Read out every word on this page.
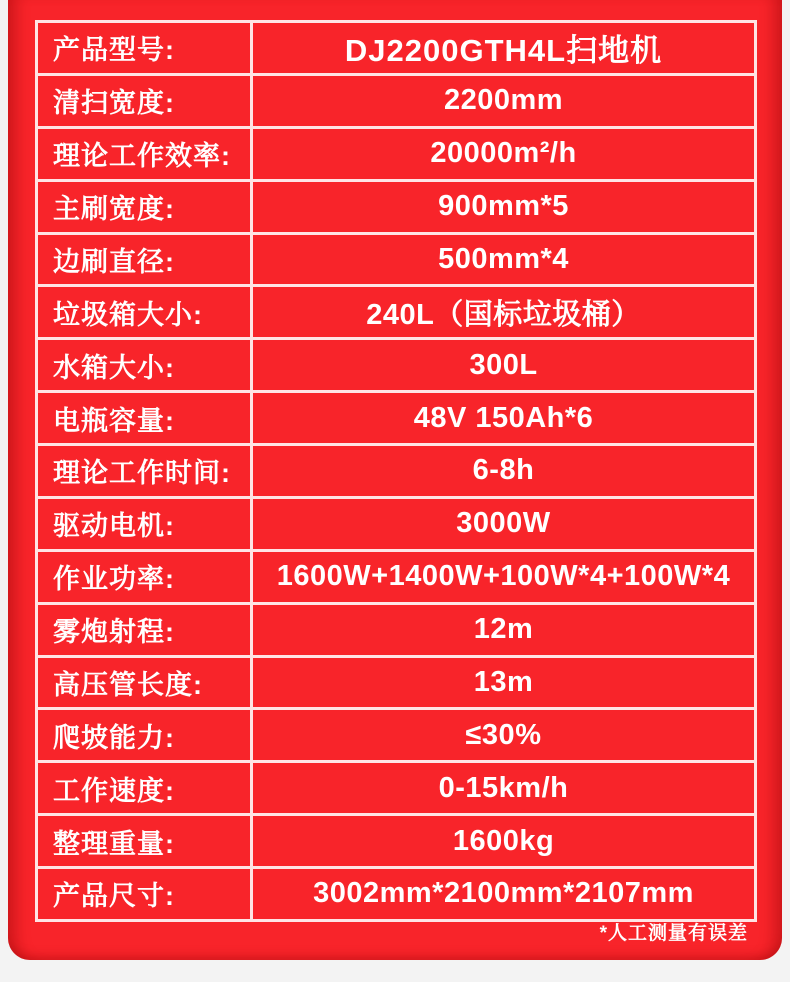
产品型号:	DJ2200GTH4L扫地机
清扫宽度:	2200mm
理论工作效率:	20000m²/h
主刷宽度:	900mm*5
边刷直径:	500mm*4
垃圾箱大小:	240L（国标垃圾桶）
水箱大小:	300L
电瓶容量:	48V 150Ah*6
理论工作时间:	6-8h
驱动电机:	3000W
作业功率:	1600W+1400W+100W*4+100W*4
雾炮射程:	12m
高压管长度:	13m
爬坡能力:	≤30%
工作速度:	0-15km/h
整理重量:	1600kg
产品尺寸:	3002mm*2100mm*2107mm
*人工测量有误差
